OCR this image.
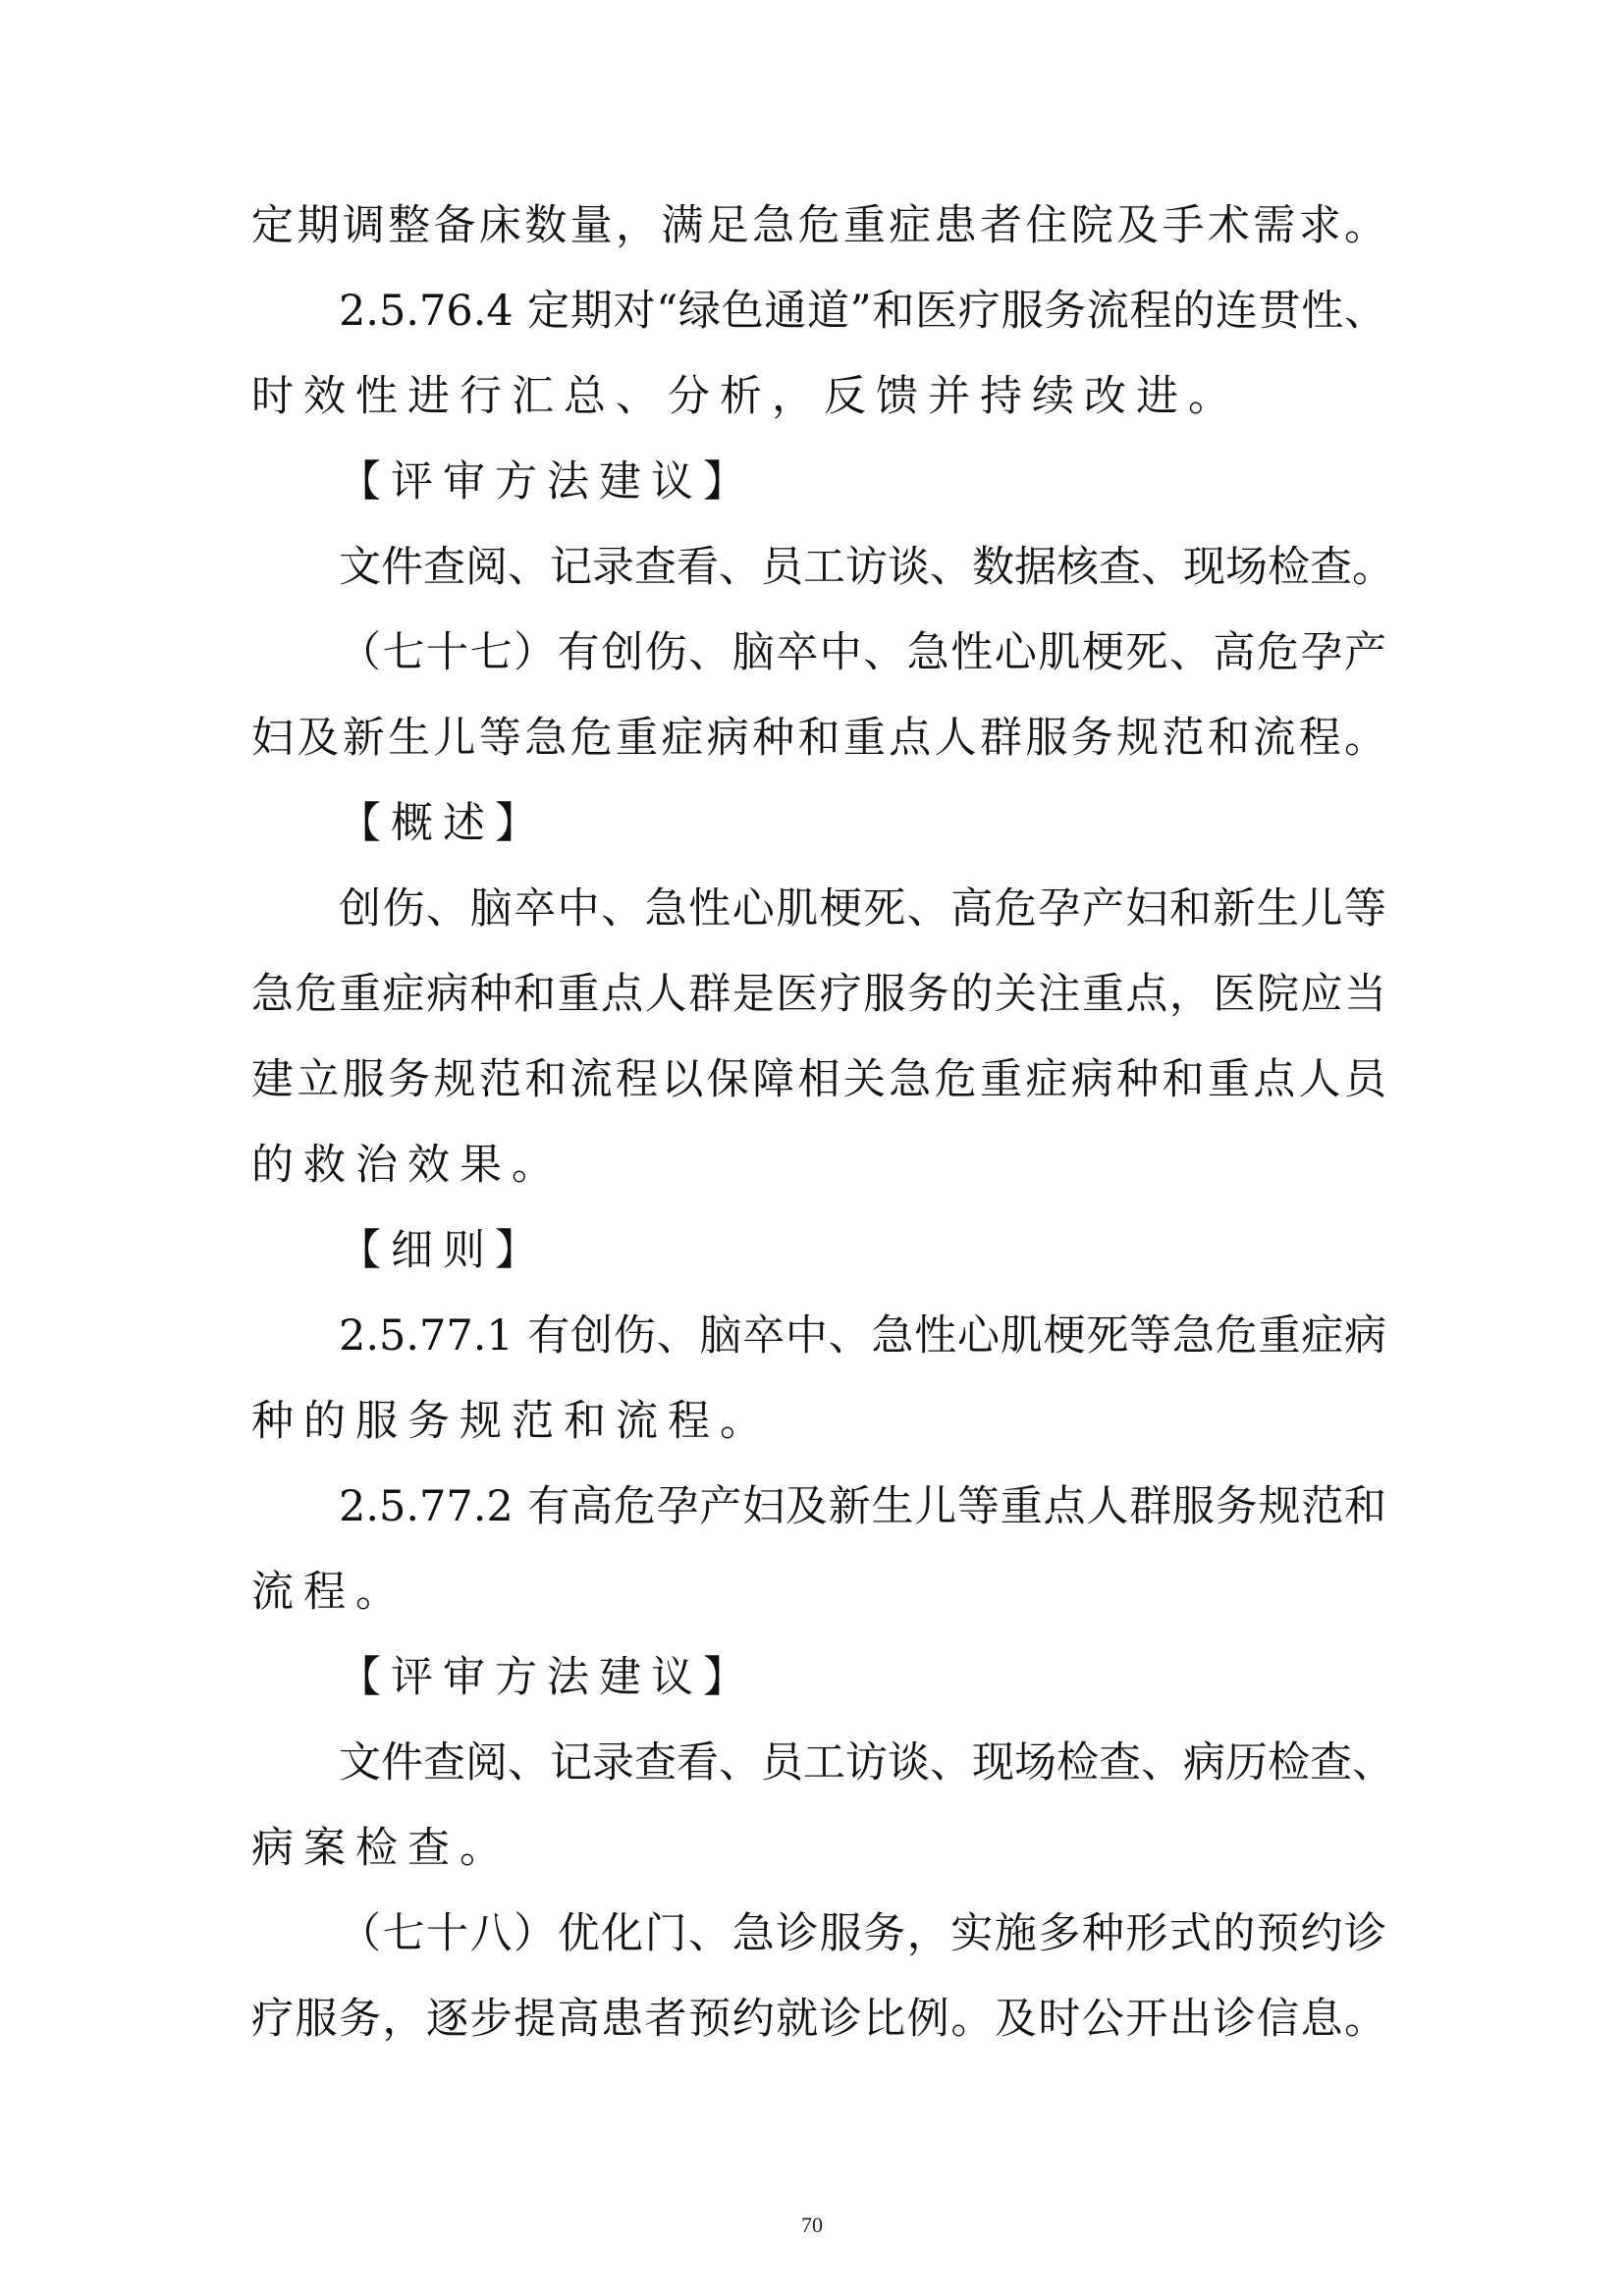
定期调整备床数量，满足急危重症患者住院及手术需求。
2.5.76.4 定期对“绿色通道”和医疗服务流程的连贯性、
时效性进行汇总、分析，反馈并持续改进。
【评审方法建议】
文件查阅、记录查看、员工访谈、数据核查、现场检查。
（七十七）有创伤、脑卒中、急性心肌梗死、高危孕产
妇及新生儿等急危重症病种和重点人群服务规范和流程。
【概述】
创伤、脑卒中、急性心肌梗死、高危孕产妇和新生儿等
急危重症病种和重点人群是医疗服务的关注重点，医院应当
建立服务规范和流程以保障相关急危重症病种和重点人员
的救治效果。
【细则】
2.5.77.1 有创伤、脑卒中、急性心肌梗死等急危重症病
种的服务规范和流程。
2.5.77.2 有高危孕产妇及新生儿等重点人群服务规范和
流程。
【评审方法建议】
文件查阅、记录查看、员工访谈、现场检查、病历检查、
病案检查。
（七十八）优化门、急诊服务，实施多种形式的预约诊
疗服务，逐步提高患者预约就诊比例。及时公开出诊信息。
70
